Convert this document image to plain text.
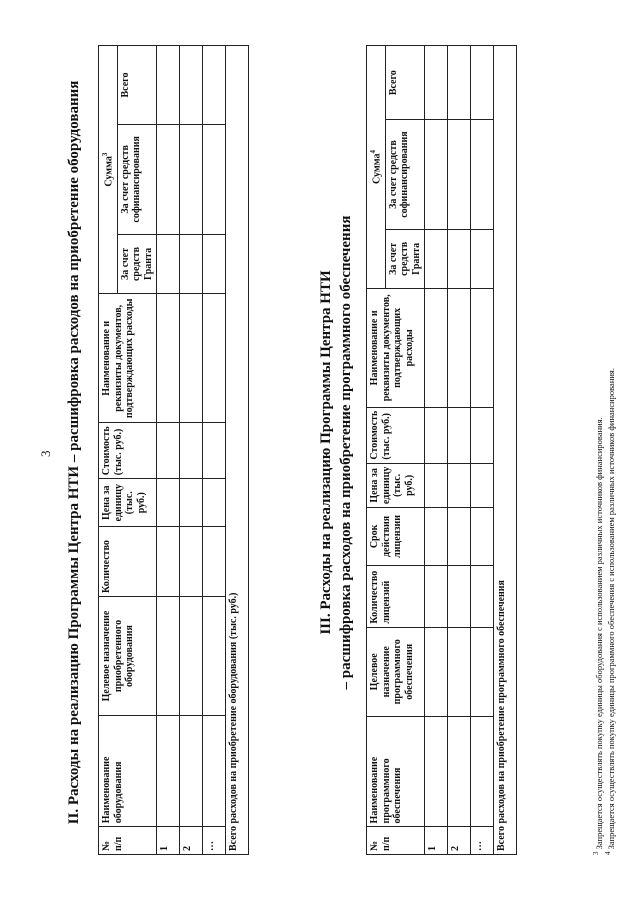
3 II. Расходы на реализацию Программы Центра НТИ – расшифровка расходов на приобретение оборудования
№ п/п	Наименование оборудования	Целевое назначение приобретенного оборудования	Количество	Цена за единицу (тыс. руб.)	Стоимость (тыс. руб.)	Наименование и реквизиты документов, подтверждающих расходы	Сумма$^3$
							За счет средств Гранта	За счет средств софинансирования	Всего
1									
2									
…									
Всего расходов на приобретение оборудования (тыс. руб.)									
III. Расходы на реализацию Программы Центра НТИ – расшифровка расходов на приобретение программного обеспечения
№ п/п	Наименование программного обеспечения	Целевое назначение программного обеспечения	Количество лицензий	Срок действия лицензии	Цена за единицу (тыс. руб.)	Стоимость (тыс. руб.)	Наименование и реквизиты документов, подтверждающих расходы	Сумма$^4$
								За счет средств Гранта	За счет средств софинансирования	Всего
1										
2										
…										
Всего расходов на приобретение программного обеспечения										
$^3$ Запрещается осуществлять покупку единицы оборудования с использованием различных источников финансирования.
$^4$ Запрещается осуществлять покупку единицы программного обеспечения с использованием различных источников финансирования.
